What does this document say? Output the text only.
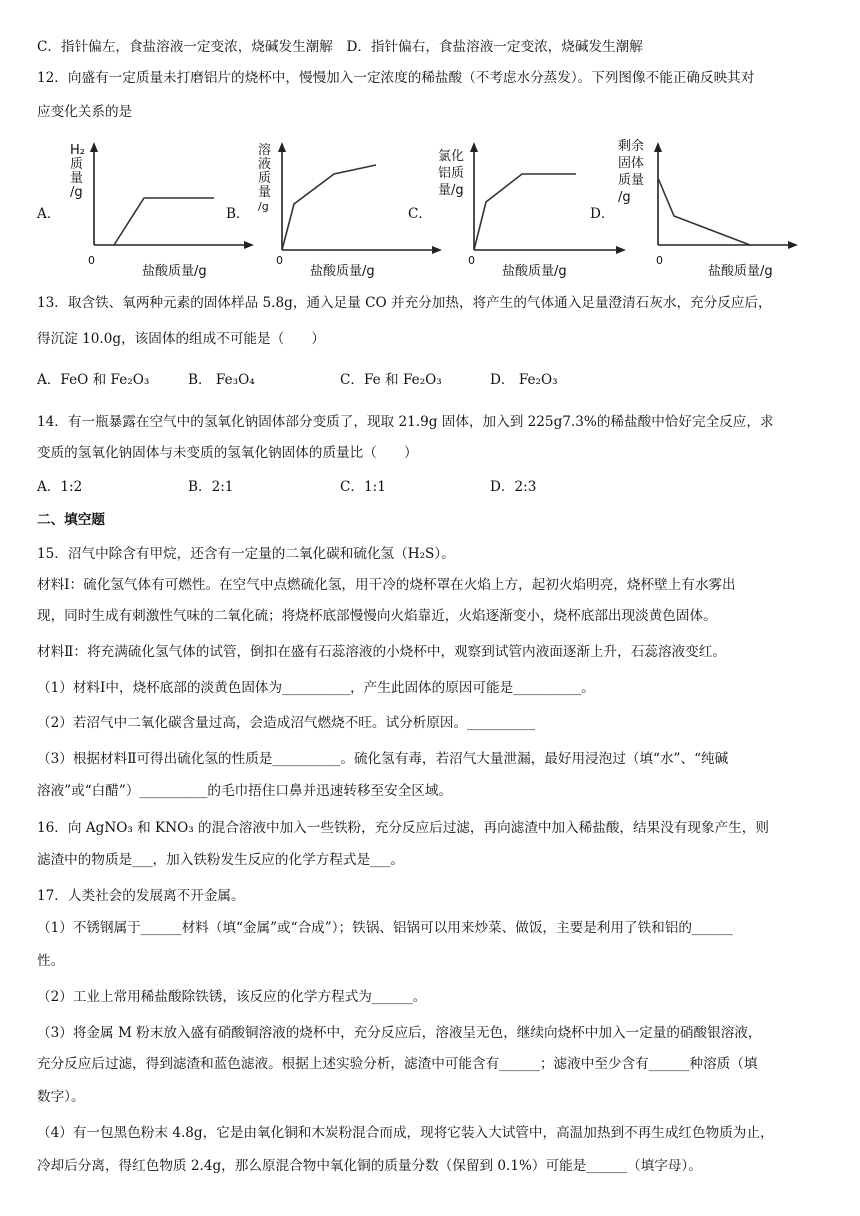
C．指针偏左，食盐溶液一定变浓，烧碱发生潮解　D．指针偏右，食盐溶液一定变浓，烧碱发生潮解
12．向盛有一定质量未打磨铝片的烧杯中，慢慢加入一定浓度的稀盐酸（不考虑水分蒸发）。下列图像不能正确反映其对
应变化关系的是
A．
H₂
质
量
/g
0
盐酸质量/g
B．
溶
液
质
量
/g
0
盐酸质量/g
C．
氯化
铝质
量/g
0
盐酸质量/g
D．
剩余
固体
质量
/g
0
盐酸质量/g
13．取含铁、氧两种元素的固体样品 5.8g，通入足量 CO 并充分加热，将产生的气体通入足量澄清石灰水，充分反应后，
得沉淀 10.0g，该固体的组成不可能是（　　）
A．FeO 和 Fe₂O₃	B． Fe₃O₄	C．Fe 和 Fe₂O₃	D． Fe₂O₃
14．有一瓶暴露在空气中的氢氧化钠固体部分变质了，现取 21.9g 固体，加入到 225g7.3%的稀盐酸中恰好完全反应，求
变质的氢氧化钠固体与未变质的氢氧化钠固体的质量比（　　）
A．1:2	B．2:1	C．1:1	D．2:3
二、填空题
15．沼气中除含有甲烷，还含有一定量的二氧化碳和硫化氢（H₂S）。
材料Ⅰ：硫化氢气体有可燃性。在空气中点燃硫化氢，用干冷的烧杯罩在火焰上方，起初火焰明亮，烧杯壁上有水雾出
现，同时生成有刺激性气味的二氧化硫；将烧杯底部慢慢向火焰靠近，火焰逐渐变小，烧杯底部出现淡黄色固体。
材料Ⅱ：将充满硫化氢气体的试管，倒扣在盛有石蕊溶液的小烧杯中，观察到试管内液面逐渐上升，石蕊溶液变红。
（1）材料Ⅰ中，烧杯底部的淡黄色固体为__________，产生此固体的原因可能是__________。
（2）若沼气中二氧化碳含量过高，会造成沼气燃烧不旺。试分析原因。__________
（3）根据材料Ⅱ可得出硫化氢的性质是__________。硫化氢有毒，若沼气大量泄漏，最好用浸泡过（填“水”、“纯碱
溶液”或“白醋”）__________的毛巾捂住口鼻并迅速转移至安全区域。
16．向 AgNO₃ 和 KNO₃ 的混合溶液中加入一些铁粉，充分反应后过滤，再向滤渣中加入稀盐酸，结果没有现象产生，则
滤渣中的物质是___，加入铁粉发生反应的化学方程式是___。
17．人类社会的发展离不开金属。
（1）不锈钢属于______材料（填“金属”或“合成”）；铁锅、铝锅可以用来炒菜、做饭，主要是利用了铁和铝的______
性。
（2）工业上常用稀盐酸除铁锈，该反应的化学方程式为______。
（3）将金属 M 粉末放入盛有硝酸铜溶液的烧杯中，充分反应后，溶液呈无色，继续向烧杯中加入一定量的硝酸银溶液，
充分反应后过滤，得到滤渣和蓝色滤液。根据上述实验分析，滤渣中可能含有______；滤液中至少含有______种溶质（填
数字）。
（4）有一包黑色粉末 4.8g，它是由氧化铜和木炭粉混合而成，现将它装入大试管中，高温加热到不再生成红色物质为止，
冷却后分离，得红色物质 2.4g，那么原混合物中氧化铜的质量分数（保留到 0.1%）可能是______（填字母）。
